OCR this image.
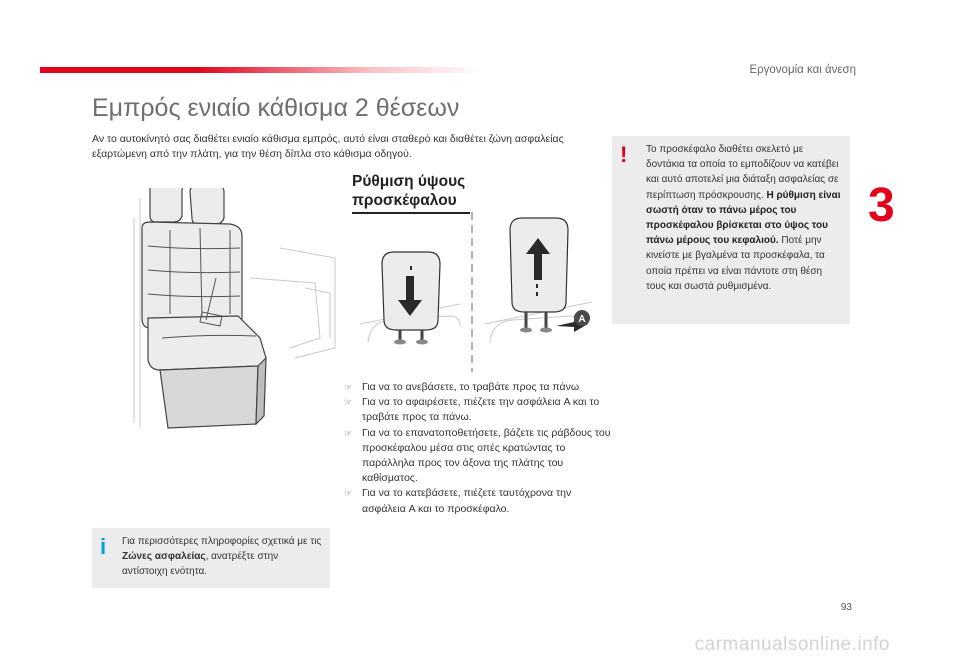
Εργονομία και άνεση
Εμπρός ενιαίο κάθισμα 2 θέσεων

Αν το αυτοκίνητό σας διαθέτει ενιαίο κάθισμα εμπρός, αυτό είναι σταθερό και διαθέτει ζώνη ασφαλείας εξαρτώμενη από την πλάτη, για την θέση δίπλα στο κάθισμα οδηγού.

3
! Το προσκέφαλο διαθέτει σκελετό με δοντάκια τα οποία το εμποδίζουν να κατέβει και αυτό αποτελεί μια διάταξη ασφαλείας σε περίπτωση πρόσκρουσης. Η ρύθμιση είναι σωστή όταν το πάνω μέρος του προσκέφαλου βρίσκεται στο ύψος του πάνω μέρους του κεφαλιού. Ποτέ μην κινείστε με βγαλμένα τα προσκέφαλα, τα οποία πρέπει να είναι πάντοτε στη θέση τους και σωστά ρυθμισμένα.
Ρύθμιση ύψους
προσκέφαλου
A
☞ Για να το ανεβάσετε, το τραβάτε προς τα πάνω
☞ Για να το αφαιρέσετε, πιέζετε την ασφάλεια A και το τραβάτε προς τα πάνω.
☞ Για να το επανατοποθετήσετε, βάζετε τις ράβδους του προσκέφαλου μέσα στις οπές κρατώντας το παράλληλα προς τον άξονα της πλάτης του καθίσματος.
☞ Για να το κατεβάσετε, πιέζετε ταυτόχρονα την ασφάλεια A και το προσκέφαλο.
i Για περισσότερες πληροφορίες σχετικά με τις Ζώνες ασφαλείας, ανατρέξτε στην αντίστοιχη ενότητα.
93
carmanualsonline.info
